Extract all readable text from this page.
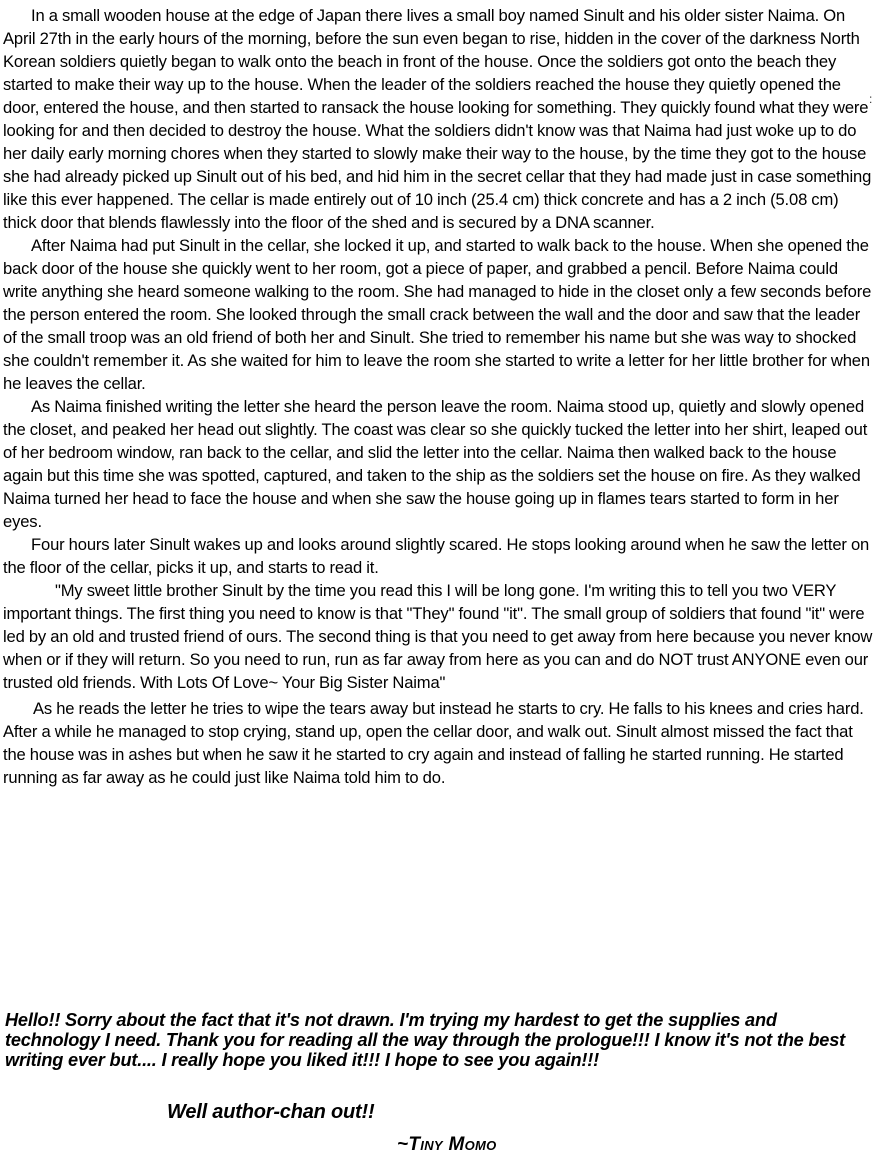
In a small wooden house at the edge of Japan there lives a small boy named Sinult and his older sister Naima. On April 27th in the early hours of the morning, before the sun even began to rise, hidden in the cover of the darkness North Korean soldiers quietly began to walk onto the beach in front of the house. Once the soldiers got onto the beach they started to make their way up to the house. When the leader of the soldiers reached the house they quietly opened the door, entered the house, and then started to ransack the house looking for something. They quickly found what they were looking for and then decided to destroy the house. What the soldiers didn't know was that Naima had just woke up to do her daily early morning chores when they started to slowly make their way to the house, by the time they got to the house she had already picked up Sinult out of his bed, and hid him in the secret cellar that they had made just in case something like this ever happened. The cellar is made entirely out of 10 inch (25.4 cm) thick concrete and has a 2 inch (5.08 cm) thick door that blends flawlessly into the floor of the shed and is secured by a DNA scanner.

After Naima had put Sinult in the cellar, she locked it up, and started to walk back to the house. When she opened the back door of the house she quickly went to her room, got a piece of paper, and grabbed a pencil. Before Naima could write anything she heard someone walking to the room. She had managed to hide in the closet only a few seconds before the person entered the room. She looked through the small crack between the wall and the door and saw that the leader of the small troop was an old friend of both her and Sinult. She tried to remember his name but she was way to shocked she couldn't remember it. As she waited for him to leave the room she started to write a letter for her little brother for when he leaves the cellar.

As Naima finished writing the letter she heard the person leave the room. Naima stood up, quietly and slowly opened the closet, and peaked her head out slightly. The coast was clear so she quickly tucked the letter into her shirt, leaped out of her bedroom window, ran back to the cellar, and slid the letter into the cellar. Naima then walked back to the house again but this time she was spotted, captured, and taken to the ship as the soldiers set the house on fire. As they walked Naima turned her head to face the house and when she saw the house going up in flames tears started to form in her eyes.

Four hours later Sinult wakes up and looks around slightly scared. He stops looking around when he saw the letter on the floor of the cellar, picks it up, and starts to read it.

"My sweet little brother Sinult by the time you read this I will be long gone. I'm writing this to tell you two VERY important things. The first thing you need to know is that "They" found "it". The small group of soldiers that found "it" were led by an old and trusted friend of ours. The second thing is that you need to get away from here because you never know when or if they will return. So you need to run, run as far away from here as you can and do NOT trust ANYONE even our trusted old friends. With Lots Of Love~ Your Big Sister Naima"

As he reads the letter he tries to wipe the tears away but instead he starts to cry. He falls to his knees and cries hard. After a while he managed to stop crying, stand up, open the cellar door, and walk out. Sinult almost missed the fact that the house was in ashes but when he saw it he started to cry again and instead of falling he started running. He started running as far away as he could just like Naima told him to do.

:
Hello!! Sorry about the fact that it's not drawn. I'm trying my hardest to get the supplies and technology I need. Thank you for reading all the way through the prologue!!! I know it's not the best writing ever but.... I really hope you liked it!!! I hope to see you again!!!
Well author-chan out!!
~Tiny Momo
